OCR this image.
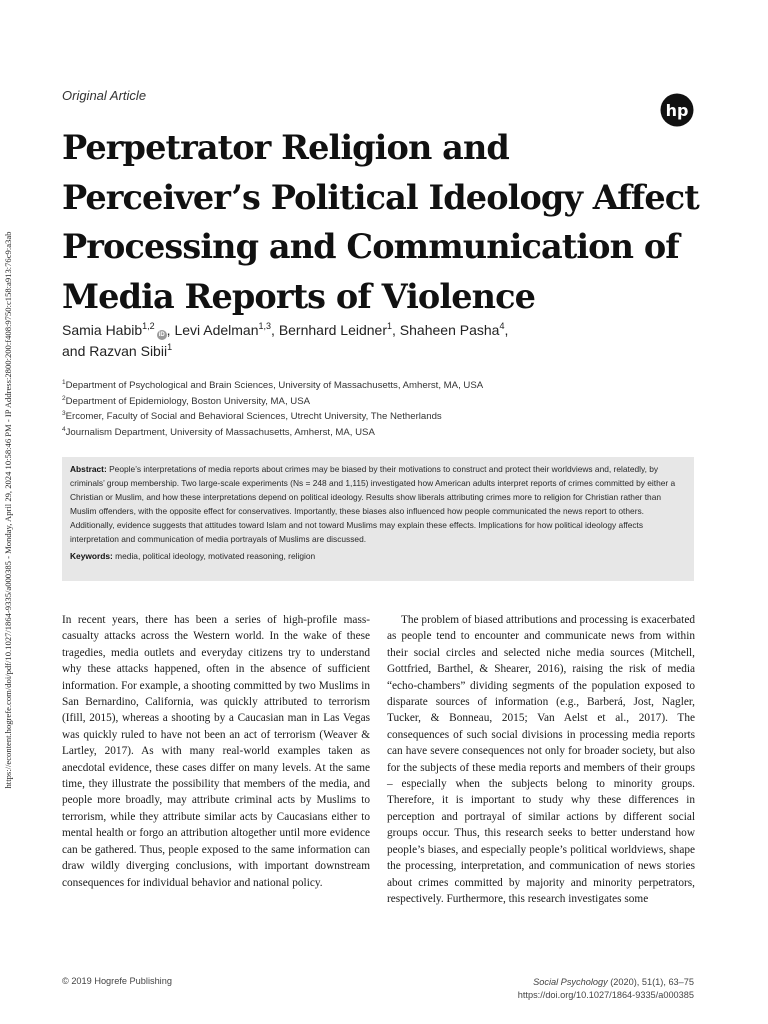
https://econtent.hogrefe.com/doi/pdf/10.1027/1864-9335/a000385 - Monday, April 29, 2024 10:58:46 PM - IP Address:2800:200:f408:9750:c158:a913:76c9:a3ab
Original Article
hp
Perpetrator Religion and
Perceiver’s Political Ideology Affect
Processing and Communication of
Media Reports of Violence
Samia Habib$^{1,2}$iD , Levi Adelman$^{1,3}$, Bernhard Leidner$^1$, Shaheen Pasha$^4$,
and Razvan Sibii$^1$
$^1$Department of Psychological and Brain Sciences, University of Massachusetts, Amherst, MA, USA
$^2$Department of Epidemiology, Boston University, MA, USA
$^3$Ercomer, Faculty of Social and Behavioral Sciences, Utrecht University, The Netherlands
$^4$Journalism Department, University of Massachusetts, Amherst, MA, USA
Abstract: People’s interpretations of media reports about crimes may be biased by their motivations to construct and protect their worldviews and, relatedly, by criminals’ group membership. Two large-scale experiments (Ns = 248 and 1,115) investigated how American adults interpret reports of crimes committed by either a Christian or Muslim, and how these interpretations depend on political ideology. Results show liberals attributing crimes more to religion for Christian rather than Muslim offenders, with the opposite effect for conservatives. Importantly, these biases also influenced how people communicated the news report to others. Additionally, evidence suggests that attitudes toward Islam and not toward Muslims may explain these effects. Implications for how political ideology affects interpretation and communication of media portrayals of Muslims are discussed.
Keywords: media, political ideology, motivated reasoning, religion
In recent years, there has been a series of high-profile mass-casualty attacks across the Western world. In the wake of these tragedies, media outlets and everyday citizens try to understand why these attacks happened, often in the absence of sufficient information. For example, a shooting committed by two Muslims in San Bernardino, California, was quickly attributed to terrorism (Ifill, 2015), whereas a shooting by a Caucasian man in Las Vegas was quickly ruled to have not been an act of terrorism (Weaver & Lartley, 2017). As with many real-world examples taken as anecdotal evidence, these cases differ on many levels. At the same time, they illustrate the possibility that members of the media, and people more broadly, may attribute criminal acts by Muslims to terrorism, while they attribute similar acts by Caucasians either to mental health or forgo an attribution altogether until more evidence can be gathered. Thus, people exposed to the same information can draw wildly diverging conclusions, with important downstream consequences for individual behavior and national policy.
The problem of biased attributions and processing is exacerbated as people tend to encounter and communicate news from within their social circles and selected niche media sources (Mitchell, Gottfried, Barthel, & Shearer, 2016), raising the risk of media “echo-chambers” dividing segments of the population exposed to disparate sources of information (e.g., Barberá, Jost, Nagler, Tucker, & Bonneau, 2015; Van Aelst et al., 2017). The consequences of such social divisions in processing media reports can have severe consequences not only for broader society, but also for the subjects of these media reports and members of their groups – especially when the subjects belong to minority groups. Therefore, it is important to study why these differences in perception and portrayal of similar actions by different social groups occur. Thus, this research seeks to better understand how people’s biases, and especially people’s political worldviews, shape the processing, interpretation, and communication of news stories about crimes committed by majority and minority perpetrators, respectively. Furthermore, this research investigates some
© 2019 Hogrefe Publishing	Social Psychology (2020), 51(1), 63–75
https://doi.org/10.1027/1864-9335/a000385
